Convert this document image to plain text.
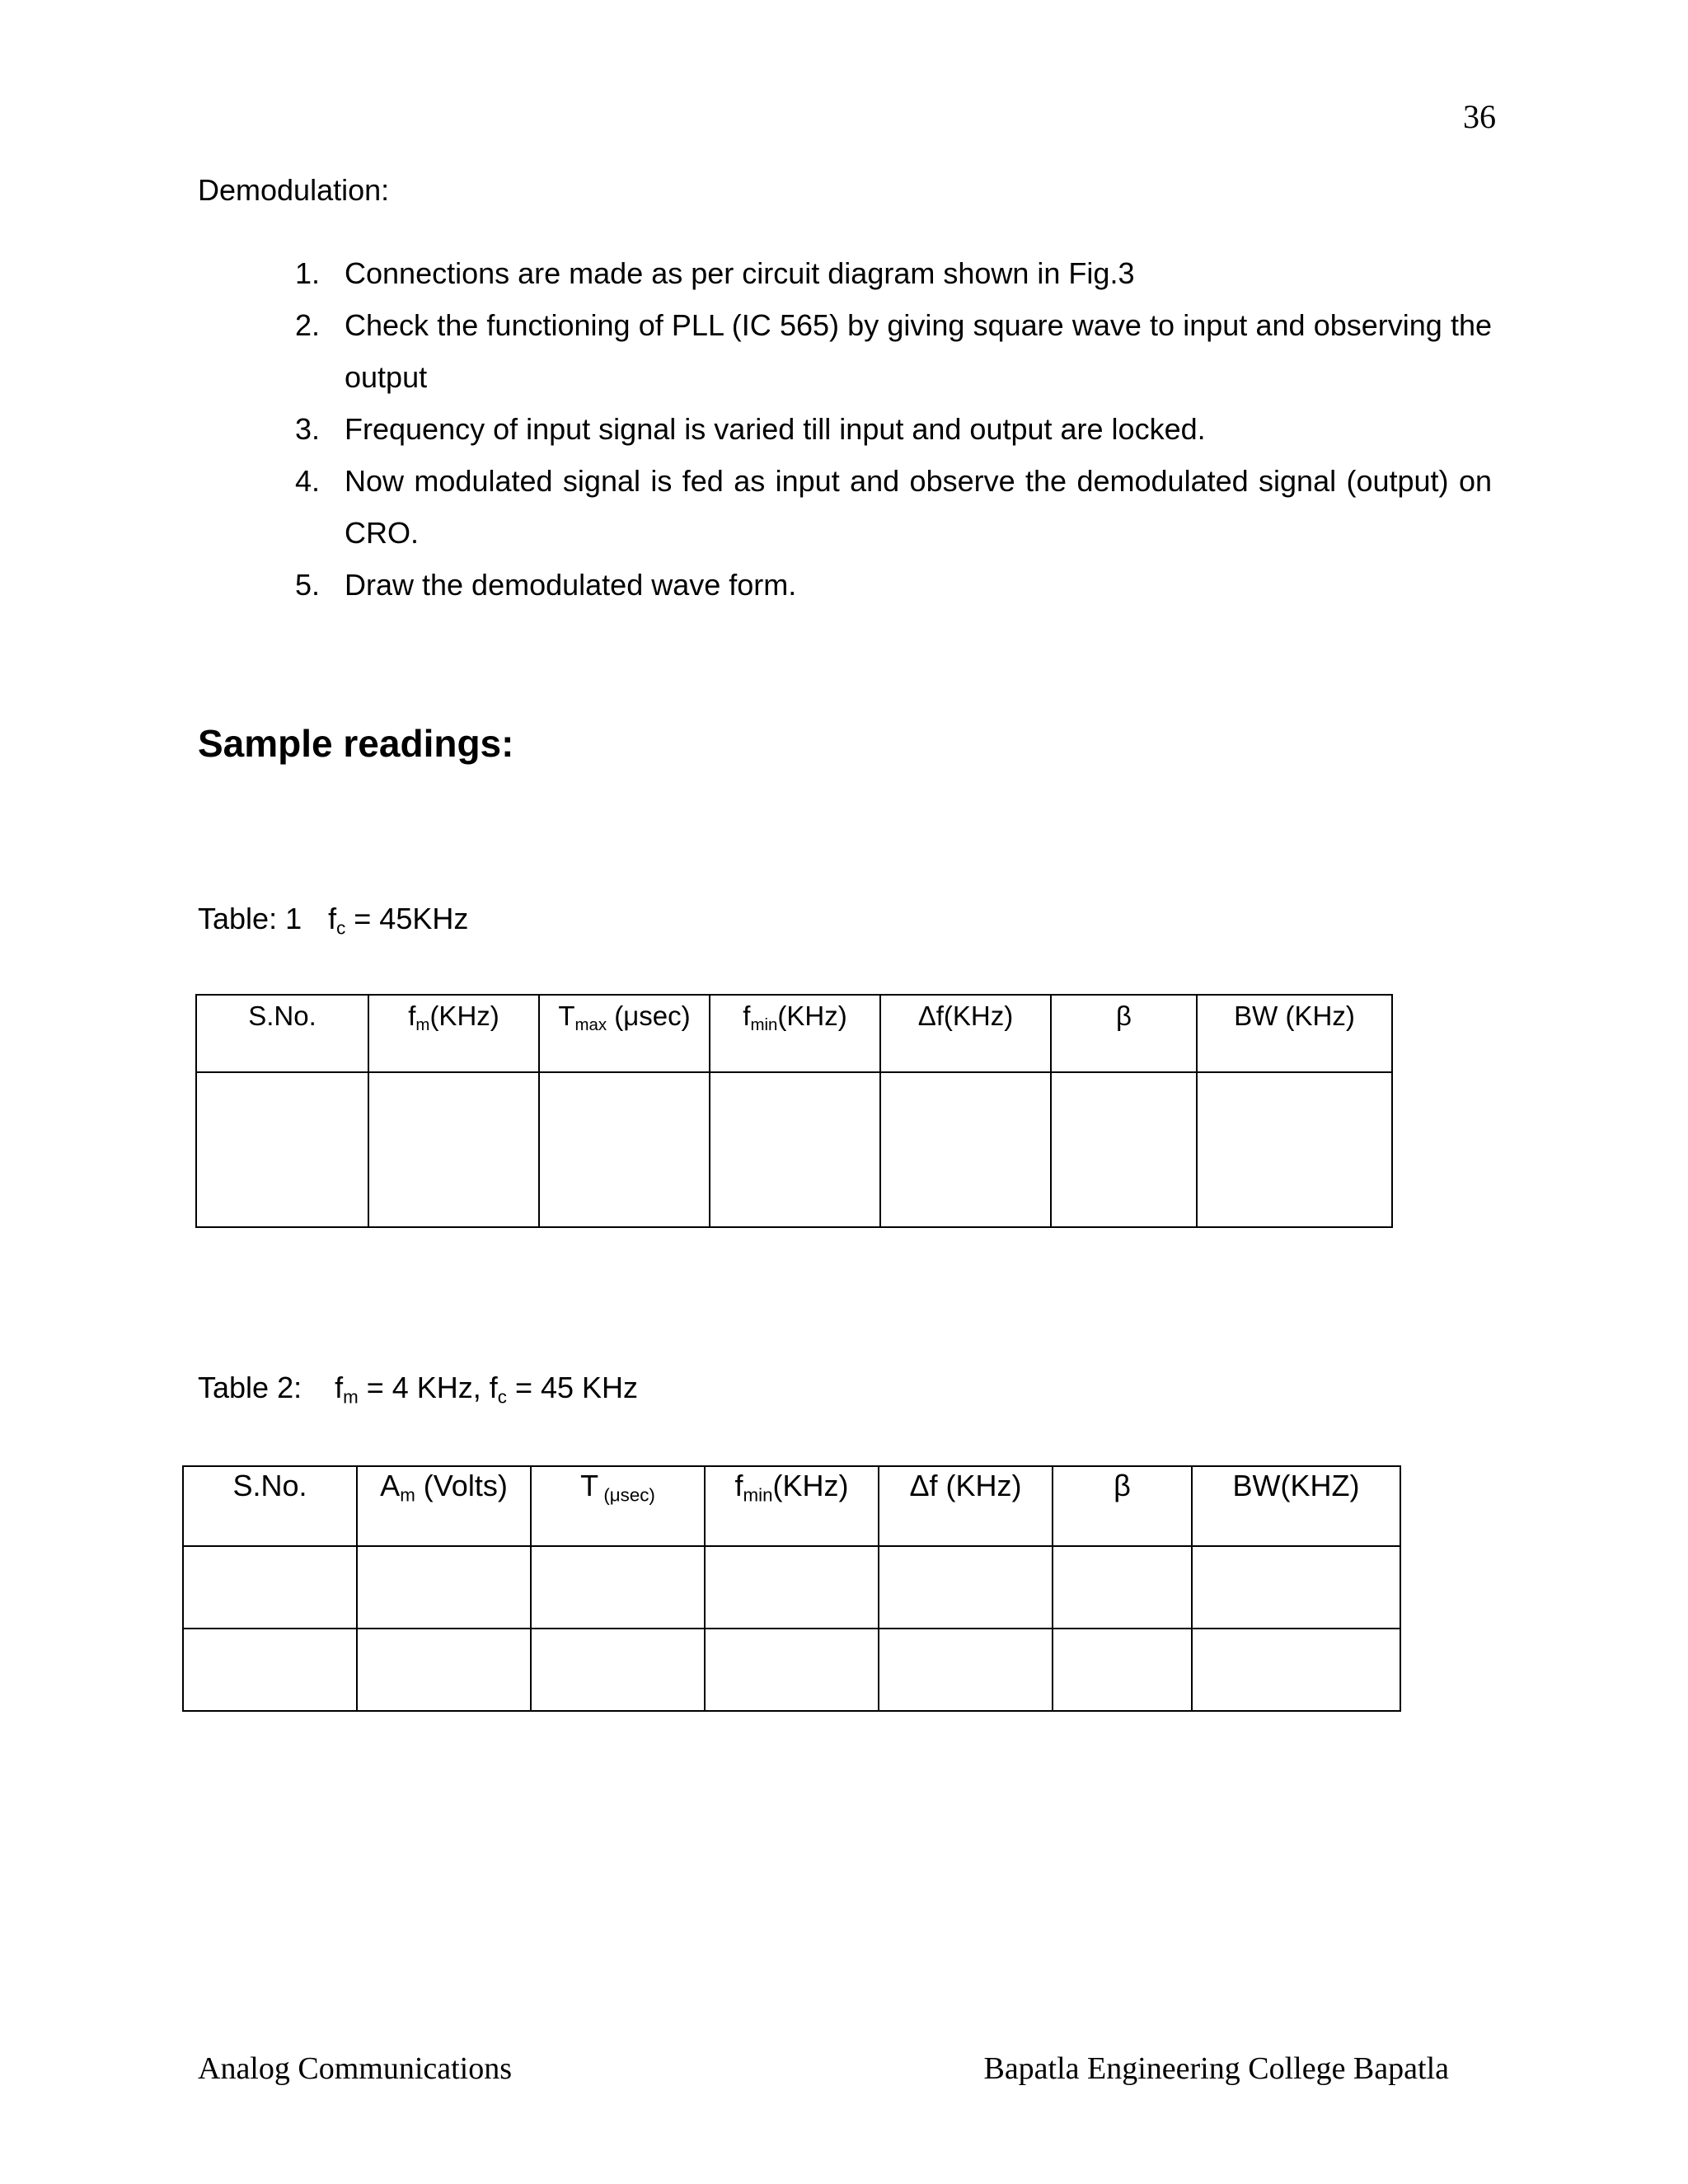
36
Demodulation:
1. Connections are made as per circuit diagram shown in Fig.3
2. Check the functioning of PLL (IC 565) by giving square wave to input and observing the output
3. Frequency of input signal is varied till input and output are locked.
4. Now modulated signal is fed as input and observe the demodulated signal (output) on CRO.
5. Draw the demodulated wave form.
Sample readings:
Table: 1 $f_c = 45KHz$
S.No.	$f_m(KHz)$	$T_{max}$ (μsec)	$f_{min}(KHz)$	Δf(KHz)	β	BW (KHz)

Table 2: $f_m = 4$ KHz, $f_c = 45$ KHz
S.No.	$A_m$ (Volts)	T $_{(\mu sec)}$	$f_{min}(KHz)$	Δf (KHz)	β	BW(KHZ)

Analog Communications	Bapatla Engineering College Bapatla
